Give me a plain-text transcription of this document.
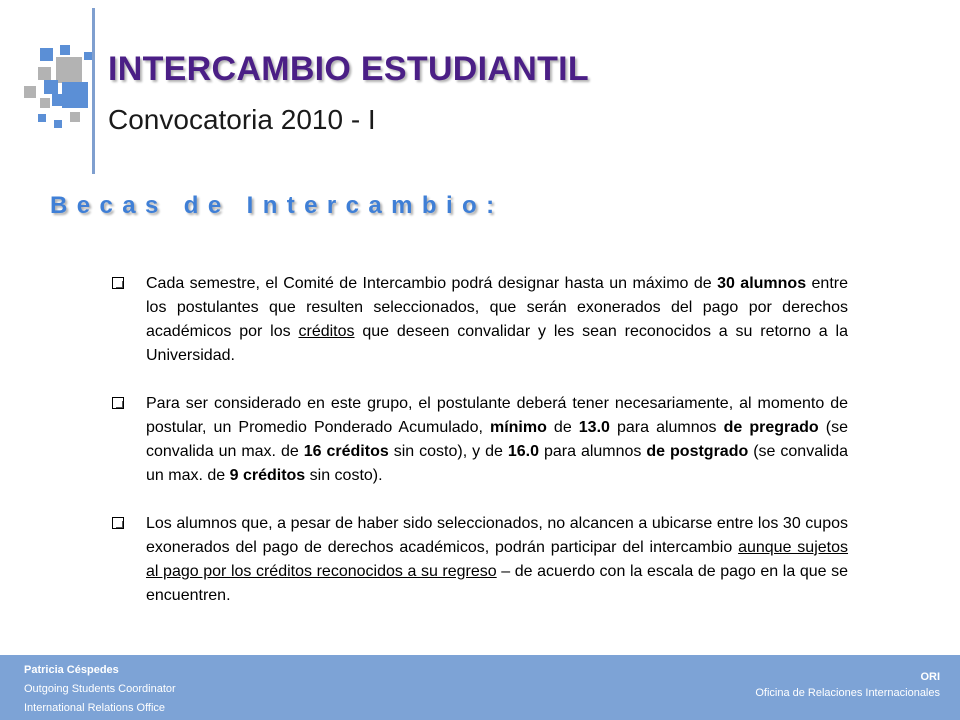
INTERCAMBIO ESTUDIANTIL
Convocatoria 2010 - I
Becas de Intercambio:

Cada semestre, el Comité de Intercambio podrá designar hasta un máximo de 30 alumnos entre los postulantes que resulten seleccionados, que serán exonerados del pago por derechos académicos por los créditos que deseen convalidar y les sean reconocidos a su retorno a la Universidad.

Para ser considerado en este grupo, el postulante deberá tener necesariamente, al momento de postular, un Promedio Ponderado Acumulado, mínimo de 13.0 para alumnos de pregrado (se convalida un max. de 16 créditos sin costo), y de 16.0 para alumnos de postgrado (se convalida un max. de 9 créditos sin costo).

Los alumnos que, a pesar de haber sido seleccionados, no alcancen a ubicarse entre los 30 cupos exonerados del pago de derechos académicos, podrán participar del intercambio aunque sujetos al pago por los créditos reconocidos a su regreso – de acuerdo con la escala de pago en la que se encuentren.

Patricia Céspedes
Outgoing Students Coordinator
International Relations Office
ORI
Oficina de Relaciones Internacionales
